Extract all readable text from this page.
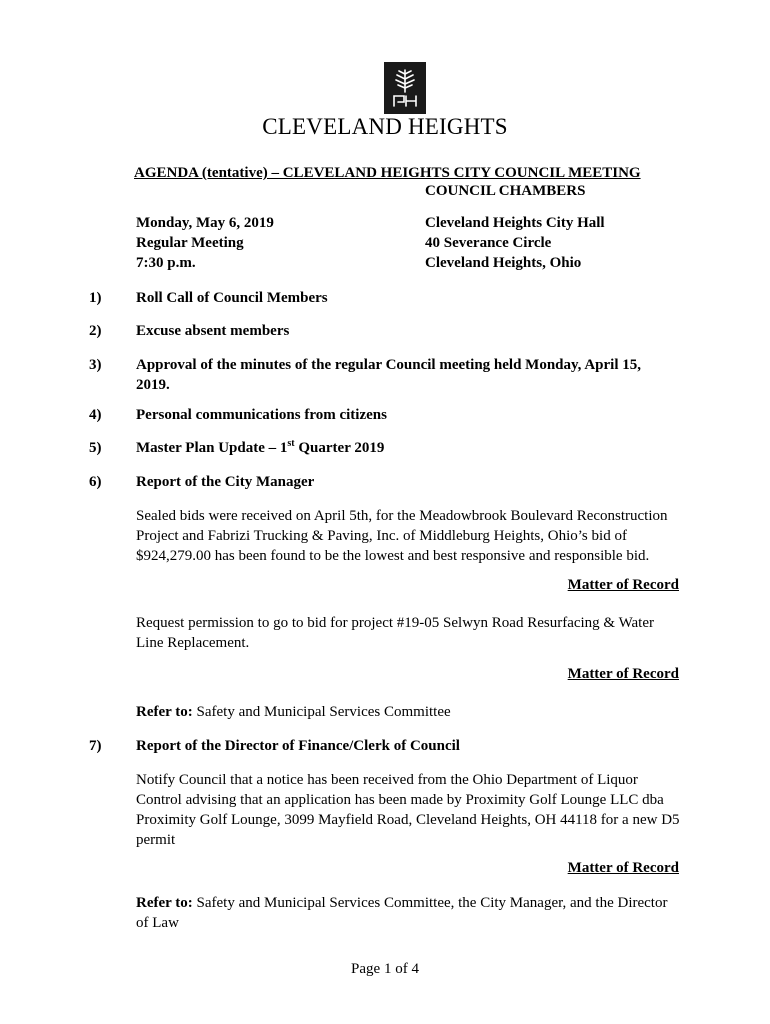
CLEVELAND HEIGHTS
AGENDA (tentative) – CLEVELAND HEIGHTS CITY COUNCIL MEETING
COUNCIL CHAMBERS
Monday, May 6, 2019
Regular Meeting
7:30 p.m.
Cleveland Heights City Hall
40 Severance Circle
Cleveland Heights, Ohio
1) Roll Call of Council Members
2) Excuse absent members
3) Approval of the minutes of the regular Council meeting held Monday, April 15, 2019.
4) Personal communications from citizens
5) Master Plan Update – 1st Quarter 2019
6) Report of the City Manager
Sealed bids were received on April 5th, for the Meadowbrook Boulevard Reconstruction Project and Fabrizi Trucking & Paving, Inc. of Middleburg Heights, Ohio’s bid of $924,279.00 has been found to be the lowest and best responsive and responsible bid.
Matter of Record
Request permission to go to bid for project #19-05 Selwyn Road Resurfacing & Water Line Replacement.
Matter of Record
Refer to: Safety and Municipal Services Committee
7) Report of the Director of Finance/Clerk of Council
Notify Council that a notice has been received from the Ohio Department of Liquor Control advising that an application has been made by Proximity Golf Lounge LLC dba Proximity Golf Lounge, 3099 Mayfield Road, Cleveland Heights, OH 44118 for a new D5 permit
Matter of Record
Refer to: Safety and Municipal Services Committee, the City Manager, and the Director of Law
Page 1 of 4
